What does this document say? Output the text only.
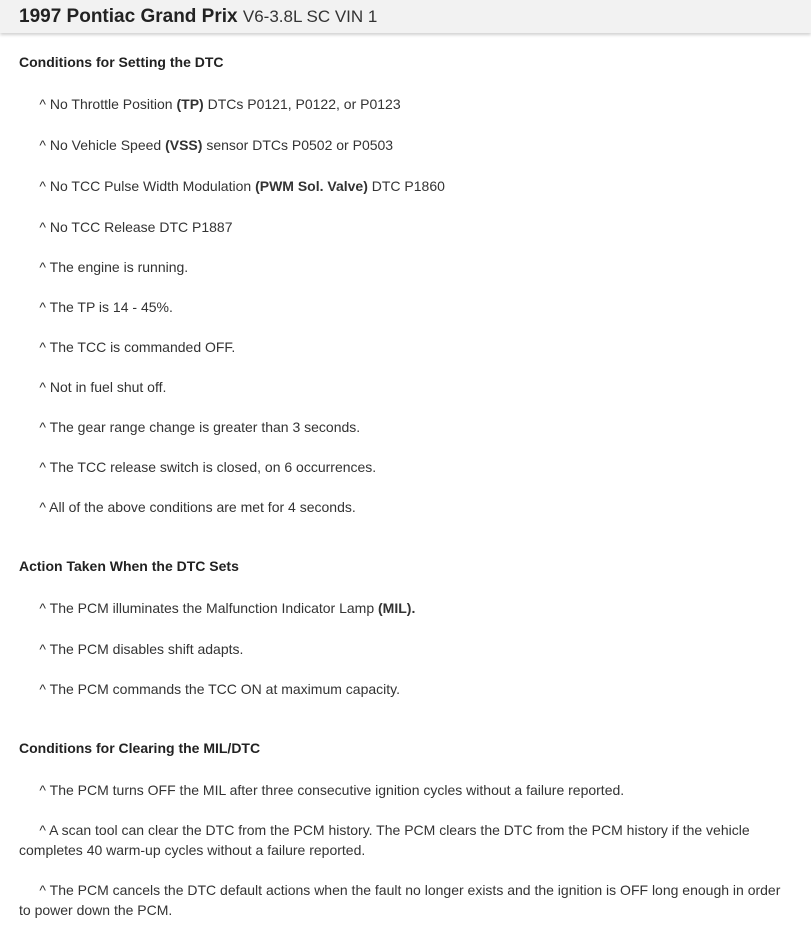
1997 Pontiac Grand Prix V6-3.8L SC VIN 1
Conditions for Setting the DTC
^ No Throttle Position (TP) DTCs P0121, P0122, or P0123
^ No Vehicle Speed (VSS) sensor DTCs P0502 or P0503
^ No TCC Pulse Width Modulation (PWM Sol. Valve) DTC P1860
^ No TCC Release DTC P1887
^ The engine is running.
^ The TP is 14 - 45%.
^ The TCC is commanded OFF.
^ Not in fuel shut off.
^ The gear range change is greater than 3 seconds.
^ The TCC release switch is closed, on 6 occurrences.
^ All of the above conditions are met for 4 seconds.
Action Taken When the DTC Sets
^ The PCM illuminates the Malfunction Indicator Lamp (MIL).
^ The PCM disables shift adapts.
^ The PCM commands the TCC ON at maximum capacity.
Conditions for Clearing the MIL/DTC
^ The PCM turns OFF the MIL after three consecutive ignition cycles without a failure reported.
^ A scan tool can clear the DTC from the PCM history. The PCM clears the DTC from the PCM history if the vehicle completes 40 warm-up cycles without a failure reported.
^ The PCM cancels the DTC default actions when the fault no longer exists and the ignition is OFF long enough in order to power down the PCM.
